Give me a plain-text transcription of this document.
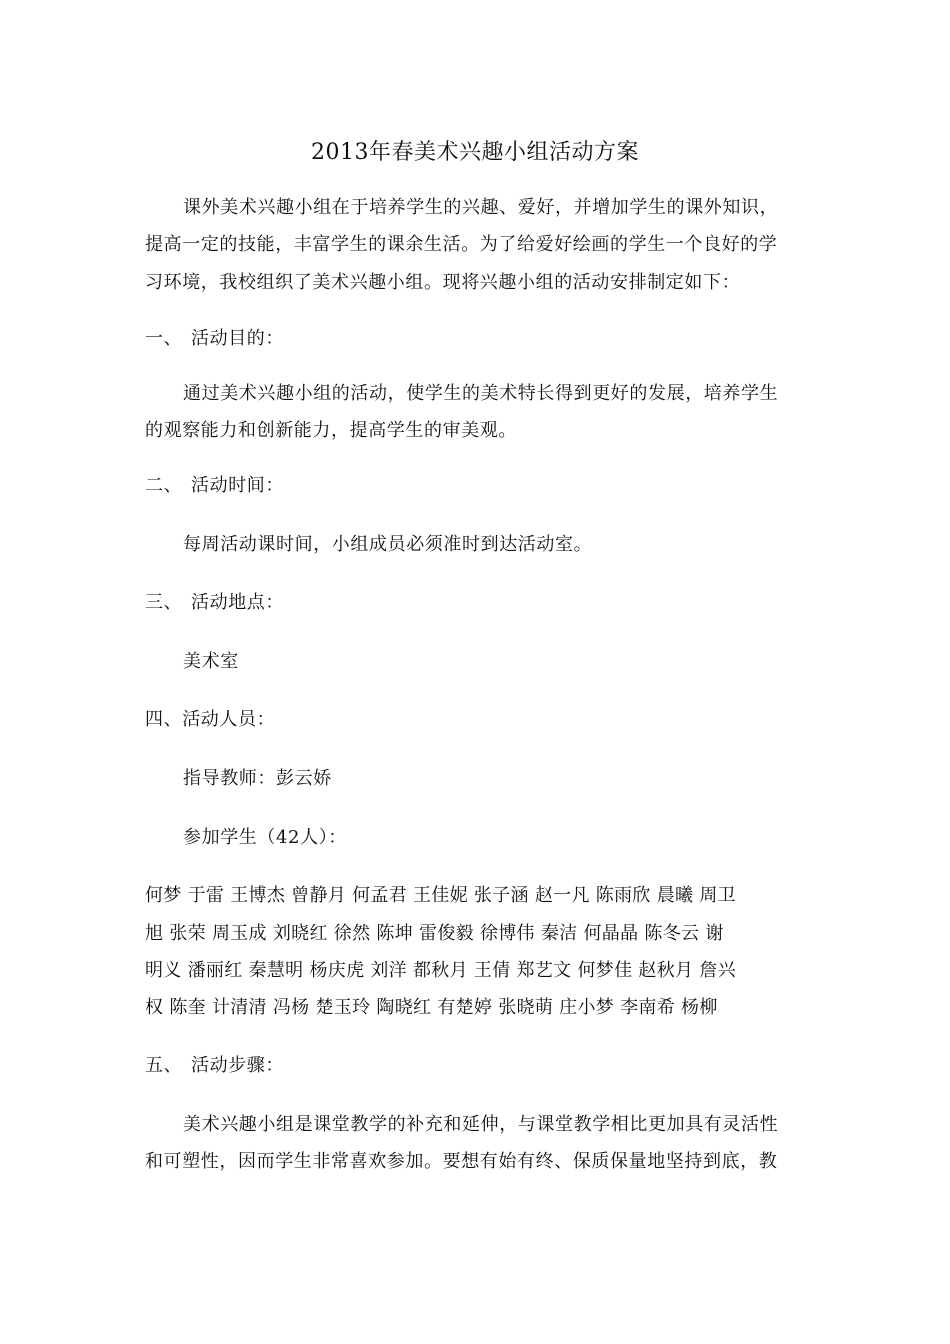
2013年春美术兴趣小组活动方案
课外美术兴趣小组在于培养学生的兴趣、爱好，并增加学生的课外知识，
提高一定的技能，丰富学生的课余生活。为了给爱好绘画的学生一个良好的学
习环境，我校组织了美术兴趣小组。现将兴趣小组的活动安排制定如下：
一、 活动目的：
通过美术兴趣小组的活动，使学生的美术特长得到更好的发展，培养学生
的观察能力和创新能力，提高学生的审美观。
二、 活动时间：
每周活动课时间，小组成员必须准时到达活动室。
三、 活动地点：
美术室
四、活动人员：
指导教师：彭云娇
参加学生（42人）：
何梦 于雷 王博杰 曾静月 何孟君 王佳妮 张子涵 赵一凡 陈雨欣 晨曦 周卫
旭 张荣 周玉成 刘晓红 徐然 陈坤 雷俊毅 徐博伟 秦洁 何晶晶 陈冬云 谢
明义 潘丽红 秦慧明 杨庆虎 刘洋 都秋月 王倩 郑艺文 何梦佳 赵秋月 詹兴
权 陈奎 计清清 冯杨 楚玉玲 陶晓红 有楚婷 张晓萌 庄小梦 李南希 杨柳
五、 活动步骤：
美术兴趣小组是课堂教学的补充和延伸，与课堂教学相比更加具有灵活性
和可塑性，因而学生非常喜欢参加。要想有始有终、保质保量地坚持到底，教
